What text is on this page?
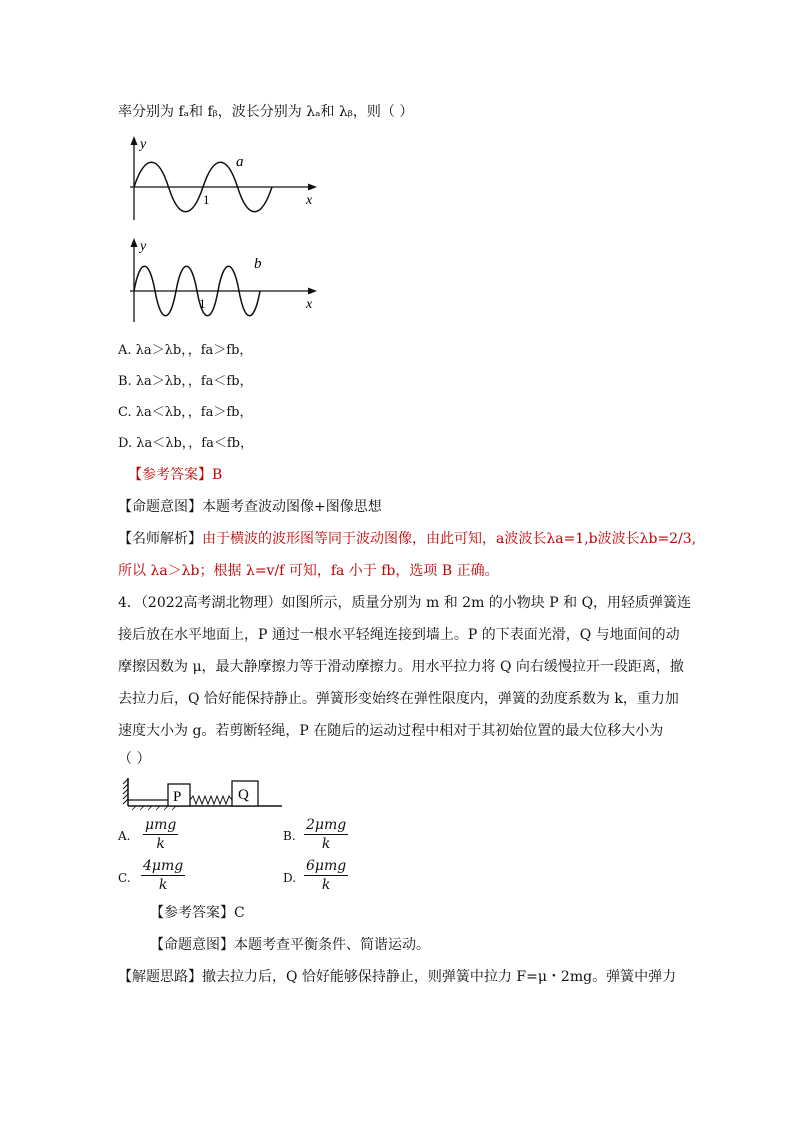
率分别为 fₐ和 fᵦ，波长分别为 λₐ和 λᵦ，则（ ）
y
a
1	x
y
b
1	x
A. λa＞λb，，fa＞fb，
B. λa＞λb，，fa＜fb，
C. λa＜λb，，fa＞fb，
D. λa＜λb，，fa＜fb，
【参考答案】B
【命题意图】本题考查波动图像+图像思想
【名师解析】由于横波的波形图等同于波动图像，由此可知，a波波长λa=1,b波波长λb=2/3,
所以 λa＞λb；根据 λ=v/f 可知，fa 小于 fb，选项 B 正确。
4．（2022高考湖北物理）如图所示，质量分别为 m 和 2m 的小物块 P 和 Q，用轻质弹簧连
接后放在水平地面上，P 通过一根水平轻绳连接到墙上。P 的下表面光滑，Q 与地面间的动
摩擦因数为 μ，最大静摩擦力等于滑动摩擦力。用水平拉力将 Q 向右缓慢拉开一段距离，撤
去拉力后，Q 恰好能保持静止。弹簧形变始终在弹性限度内，弹簧的劲度系数为 k，重力加
速度大小为 g。若剪断轻绳，P 在随后的运动过程中相对于其初始位置的最大位移大小为
（ ）
P	Q
A.
μmg
k	B.
2μmg
k
C.
4μmg
k	D.
6μmg
k
【参考答案】C
【命题意图】本题考查平衡条件、简谐运动。
【解题思路】撤去拉力后，Q 恰好能够保持静止，则弹簧中拉力 F=μ・2mg。弹簧中弹力
